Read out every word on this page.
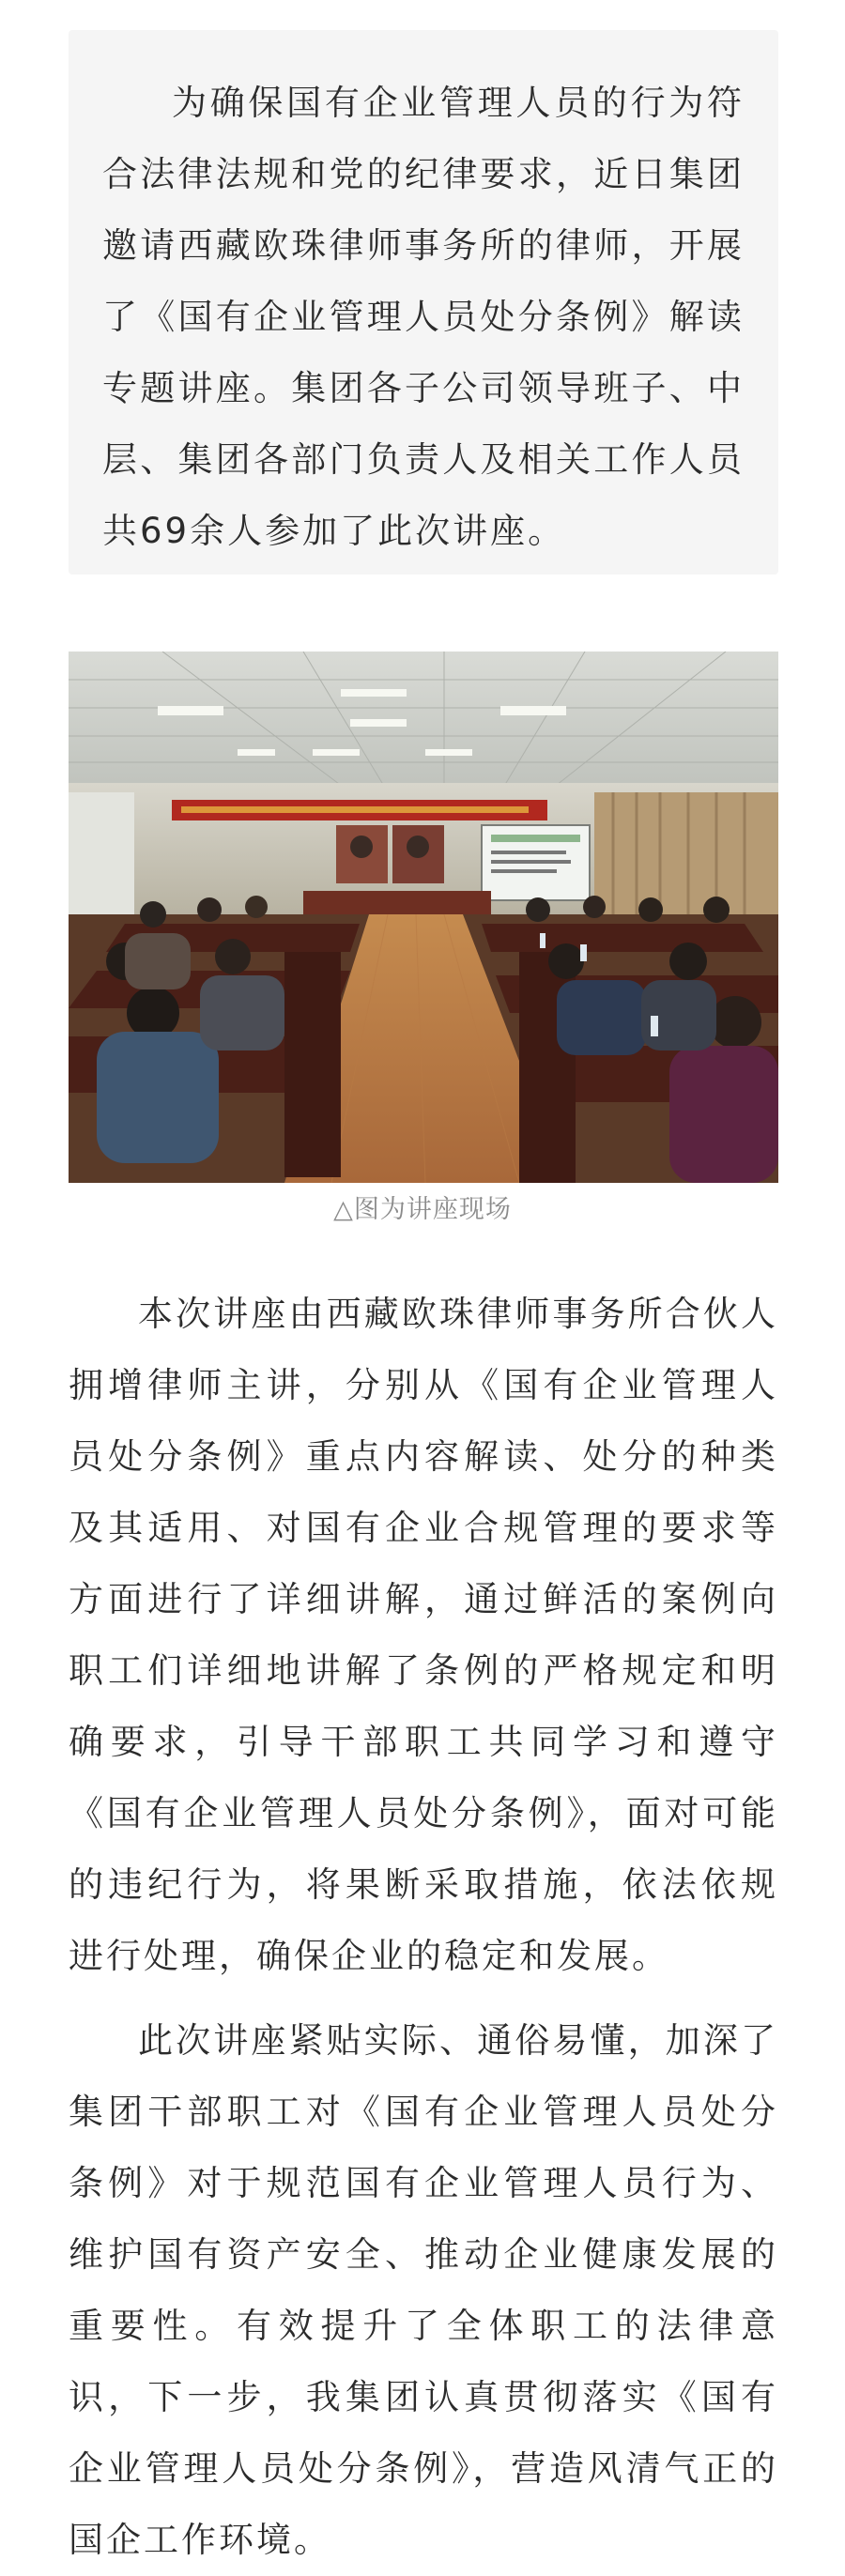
为确保国有企业管理人员的行为符合法律法规和党的纪律要求，近日集团邀请西藏欧珠律师事务所的律师，开展了《国有企业管理人员处分条例》解读专题讲座。集团各子公司领导班子、中层、集团各部门负责人及相关工作人员共69余人参加了此次讲座。

△图为讲座现场

本次讲座由西藏欧珠律师事务所合伙人拥增律师主讲，分别从《国有企业管理人员处分条例》重点内容解读、处分的种类及其适用、对国有企业合规管理的要求等方面进行了详细讲解，通过鲜活的案例向职工们详细地讲解了条例的严格规定和明确要求，引导干部职工共同学习和遵守《国有企业管理人员处分条例》，面对可能的违纪行为，将果断采取措施，依法依规进行处理，确保企业的稳定和发展。

此次讲座紧贴实际、通俗易懂，加深了集团干部职工对《国有企业管理人员处分条例》对于规范国有企业管理人员行为、维护国有资产安全、推动企业健康发展的重要性。有效提升了全体职工的法律意识，下一步，我集团认真贯彻落实《国有企业管理人员处分条例》，营造风清气正的国企工作环境。
